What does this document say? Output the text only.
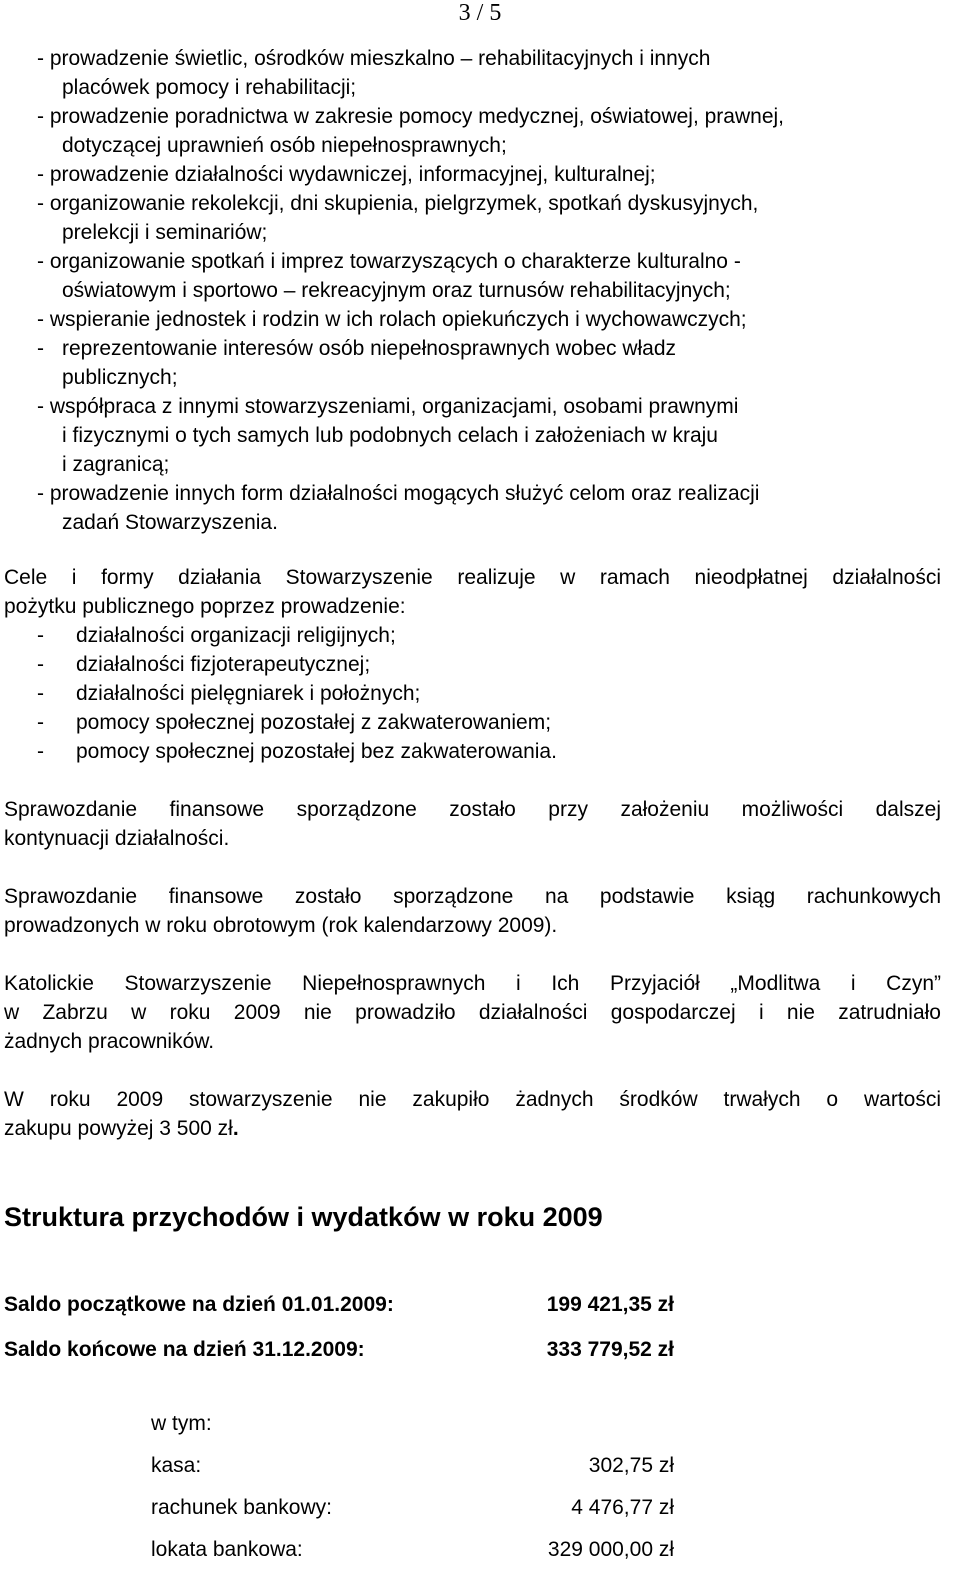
3 / 5
- prowadzenie świetlic, ośrodków mieszkalno – rehabilitacyjnych i innych
placówek pomocy i rehabilitacji;
- prowadzenie poradnictwa w zakresie pomocy medycznej, oświatowej, prawnej,
dotyczącej uprawnień osób niepełnosprawnych;
- prowadzenie działalności wydawniczej, informacyjnej, kulturalnej;
- organizowanie rekolekcji, dni skupienia, pielgrzymek, spotkań dyskusyjnych,
prelekcji i seminariów;
- organizowanie spotkań i imprez towarzyszących o charakterze kulturalno -
oświatowym i sportowo – rekreacyjnym oraz turnusów rehabilitacyjnych;
- wspieranie jednostek i rodzin w ich rolach opiekuńczych i wychowawczych;
- reprezentowanie interesów osób niepełnosprawnych wobec władz
publicznych;
- współpraca z innymi stowarzyszeniami, organizacjami, osobami prawnymi
i fizycznymi o tych samych lub podobnych celach i założeniach w kraju
i zagranicą;
- prowadzenie innych form działalności mogących służyć celom oraz realizacji
zadań Stowarzyszenia.
Cele i formy działania Stowarzyszenie realizuje w ramach nieodpłatnej działalności
pożytku publicznego poprzez prowadzenie:
- działalności organizacji religijnych;
- działalności fizjoterapeutycznej;
- działalności pielęgniarek i położnych;
- pomocy społecznej pozostałej z zakwaterowaniem;
- pomocy społecznej pozostałej bez zakwaterowania.
Sprawozdanie finansowe sporządzone zostało przy założeniu możliwości dalszej
kontynuacji działalności.
Sprawozdanie finansowe zostało sporządzone na podstawie ksiąg rachunkowych
prowadzonych w roku obrotowym (rok kalendarzowy 2009).
Katolickie Stowarzyszenie Niepełnosprawnych i Ich Przyjaciół „Modlitwa i Czyn”
w Zabrzu w roku 2009 nie prowadziło działalności gospodarczej i nie zatrudniało
żadnych pracowników.
W roku 2009 stowarzyszenie nie zakupiło żadnych środków trwałych o wartości
zakupu powyżej 3 500 zł.
Struktura przychodów i wydatków w roku 2009
Saldo początkowe na dzień 01.01.2009:	199 421,35 zł
Saldo końcowe na dzień 31.12.2009:	333 779,52 zł
w tym:
kasa:	302,75 zł
rachunek bankowy:	4 476,77 zł
lokata bankowa:	329 000,00 zł
